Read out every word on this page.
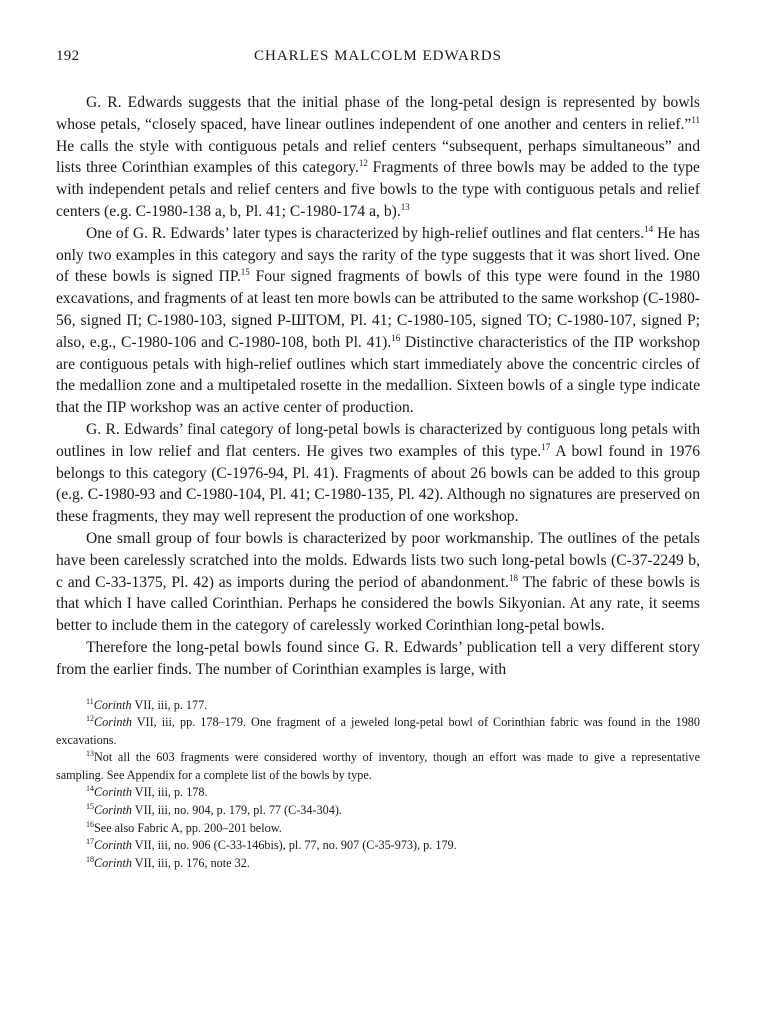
192	CHARLES MALCOLM EDWARDS

G. R. Edwards suggests that the initial phase of the long-petal design is represented by bowls whose petals, “closely spaced, have linear outlines independent of one another and centers in relief.”$^{11}$ He calls the style with contiguous petals and relief centers “subsequent, perhaps simultaneous” and lists three Corinthian examples of this category.$^{12}$ Fragments of three bowls may be added to the type with independent petals and relief centers and five bowls to the type with contiguous petals and relief centers (e.g. C-1980-138 a, b, Pl. 41; C-1980-174 a, b).$^{13}$

One of G. R. Edwards’ later types is characterized by high-relief outlines and flat centers.$^{14}$ He has only two examples in this category and says the rarity of the type suggests that it was short lived. One of these bowls is signed ΠΡ.$^{15}$ Four signed fragments of bowls of this type were found in the 1980 excavations, and fragments of at least ten more bowls can be attributed to the same workshop (C-1980-56, signed Π; C-1980-103, signed Ρ-ШΤΟΜ, Pl. 41; C-1980-105, signed ΤΟ; C-1980-107, signed Ρ; also, e.g., C-1980-106 and C-1980-108, both Pl. 41).$^{16}$ Distinctive characteristics of the ΠΡ workshop are contiguous petals with high-relief outlines which start immediately above the concentric circles of the medallion zone and a multipetaled rosette in the medallion. Sixteen bowls of a single type indicate that the ΠΡ workshop was an active center of production.

G. R. Edwards’ final category of long-petal bowls is characterized by contiguous long petals with outlines in low relief and flat centers. He gives two examples of this type.$^{17}$ A bowl found in 1976 belongs to this category (C-1976-94, Pl. 41). Fragments of about 26 bowls can be added to this group (e.g. C-1980-93 and C-1980-104, Pl. 41; C-1980-135, Pl. 42). Although no signatures are preserved on these fragments, they may well represent the production of one workshop.

One small group of four bowls is characterized by poor workmanship. The outlines of the petals have been carelessly scratched into the molds. Edwards lists two such long-petal bowls (C-37-2249 b, c and C-33-1375, Pl. 42) as imports during the period of abandonment.$^{18}$ The fabric of these bowls is that which I have called Corinthian. Perhaps he considered the bowls Sikyonian. At any rate, it seems better to include them in the category of carelessly worked Corinthian long-petal bowls.

Therefore the long-petal bowls found since G. R. Edwards’ publication tell a very different story from the earlier finds. The number of Corinthian examples is large, with

$^{11}$Corinth VII, iii, p. 177.
$^{12}$Corinth VII, iii, pp. 178–179. One fragment of a jeweled long-petal bowl of Corinthian fabric was found in the 1980 excavations.
$^{13}$Not all the 603 fragments were considered worthy of inventory, though an effort was made to give a representative sampling. See Appendix for a complete list of the bowls by type.
$^{14}$Corinth VII, iii, p. 178.
$^{15}$Corinth VII, iii, no. 904, p. 179, pl. 77 (C-34-304).
$^{16}$See also Fabric A, pp. 200–201 below.
$^{17}$Corinth VII, iii, no. 906 (C-33-146bis), pl. 77, no. 907 (C-35-973), p. 179.
$^{18}$Corinth VII, iii, p. 176, note 32.
